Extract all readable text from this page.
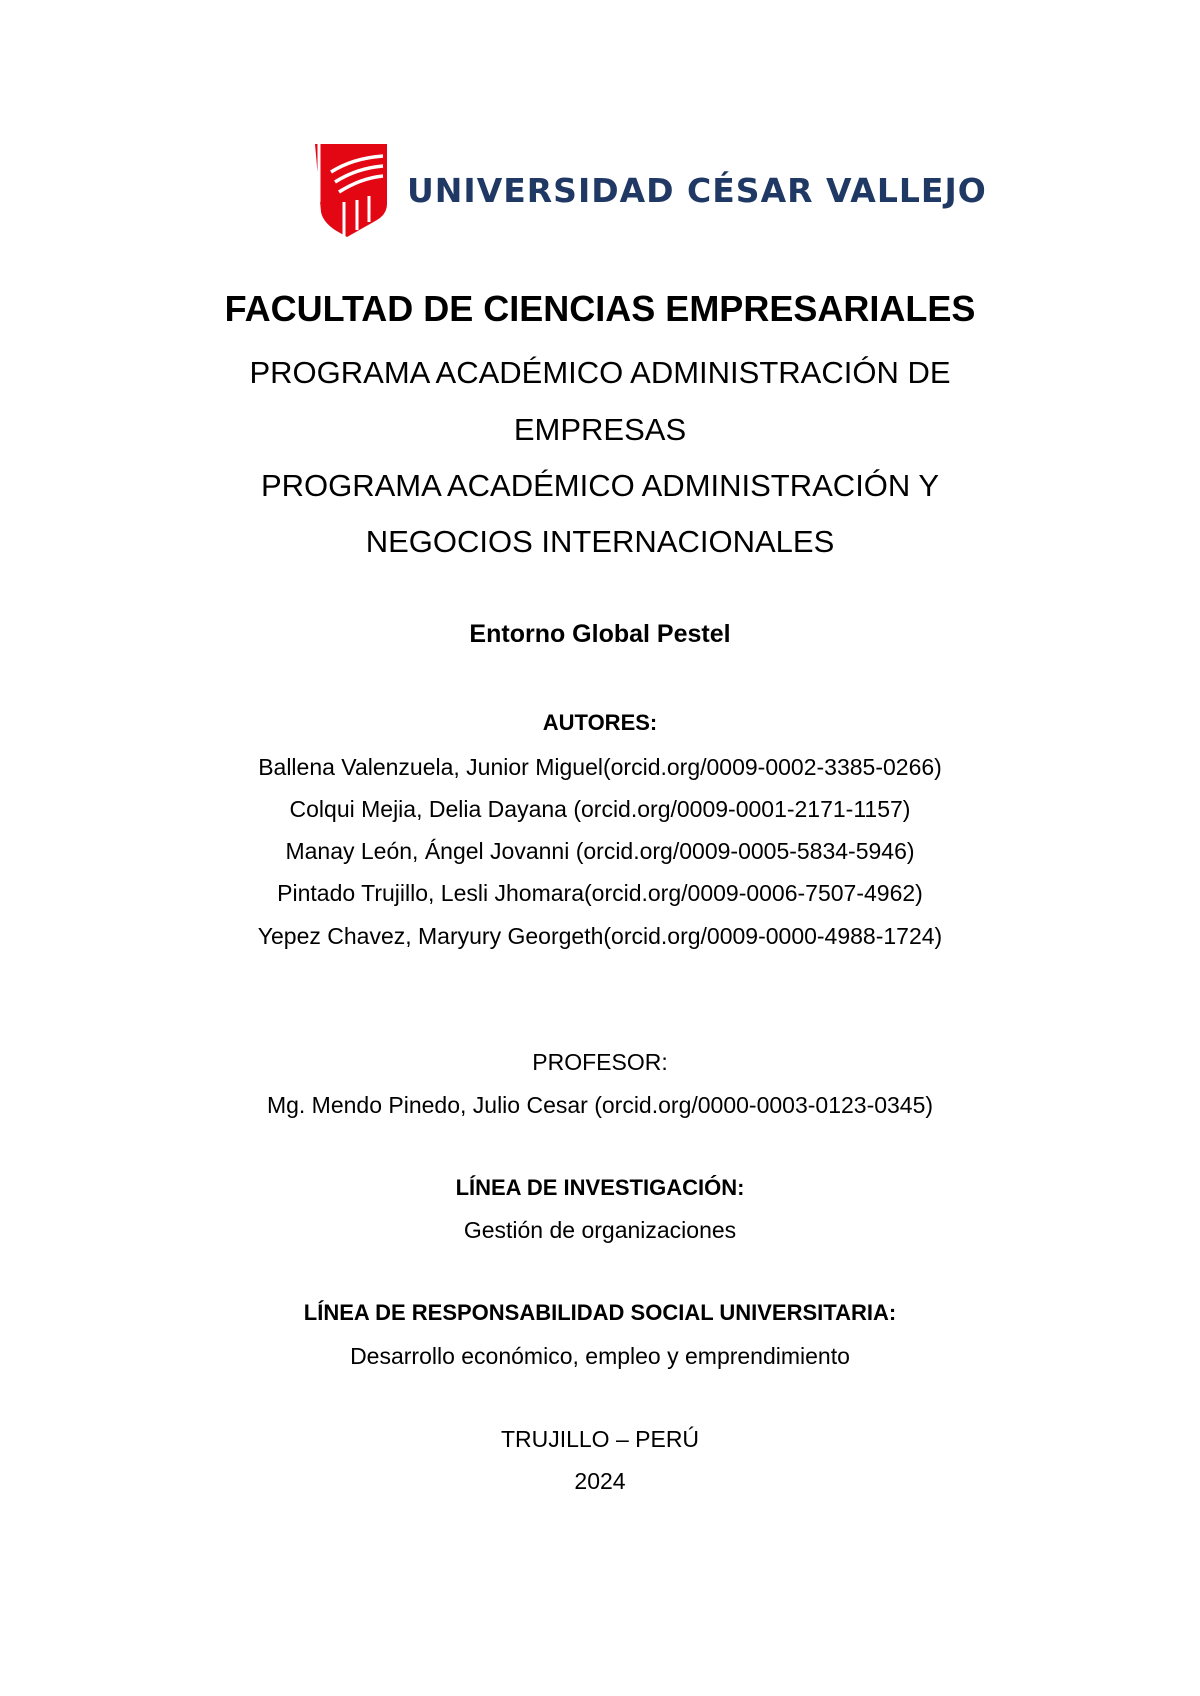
UNIVERSIDAD CÉSAR VALLEJO
FACULTAD DE CIENCIAS EMPRESARIALES
PROGRAMA ACADÉMICO ADMINISTRACIÓN DE
EMPRESAS
PROGRAMA ACADÉMICO ADMINISTRACIÓN Y
NEGOCIOS INTERNACIONALES
Entorno Global Pestel
AUTORES:
Ballena Valenzuela, Junior Miguel(orcid.org/0009-0002-3385-0266)
Colqui Mejia, Delia Dayana (orcid.org/0009-0001-2171-1157)
Manay León, Ángel Jovanni (orcid.org/0009-0005-5834-5946)
Pintado Trujillo, Lesli Jhomara(orcid.org/0009-0006-7507-4962)
Yepez Chavez, Maryury Georgeth(orcid.org/0009-0000-4988-1724)
PROFESOR:
Mg. Mendo Pinedo, Julio Cesar (orcid.org/0000-0003-0123-0345)
LÍNEA DE INVESTIGACIÓN:
Gestión de organizaciones
LÍNEA DE RESPONSABILIDAD SOCIAL UNIVERSITARIA:
Desarrollo económico, empleo y emprendimiento
TRUJILLO – PERÚ
2024
